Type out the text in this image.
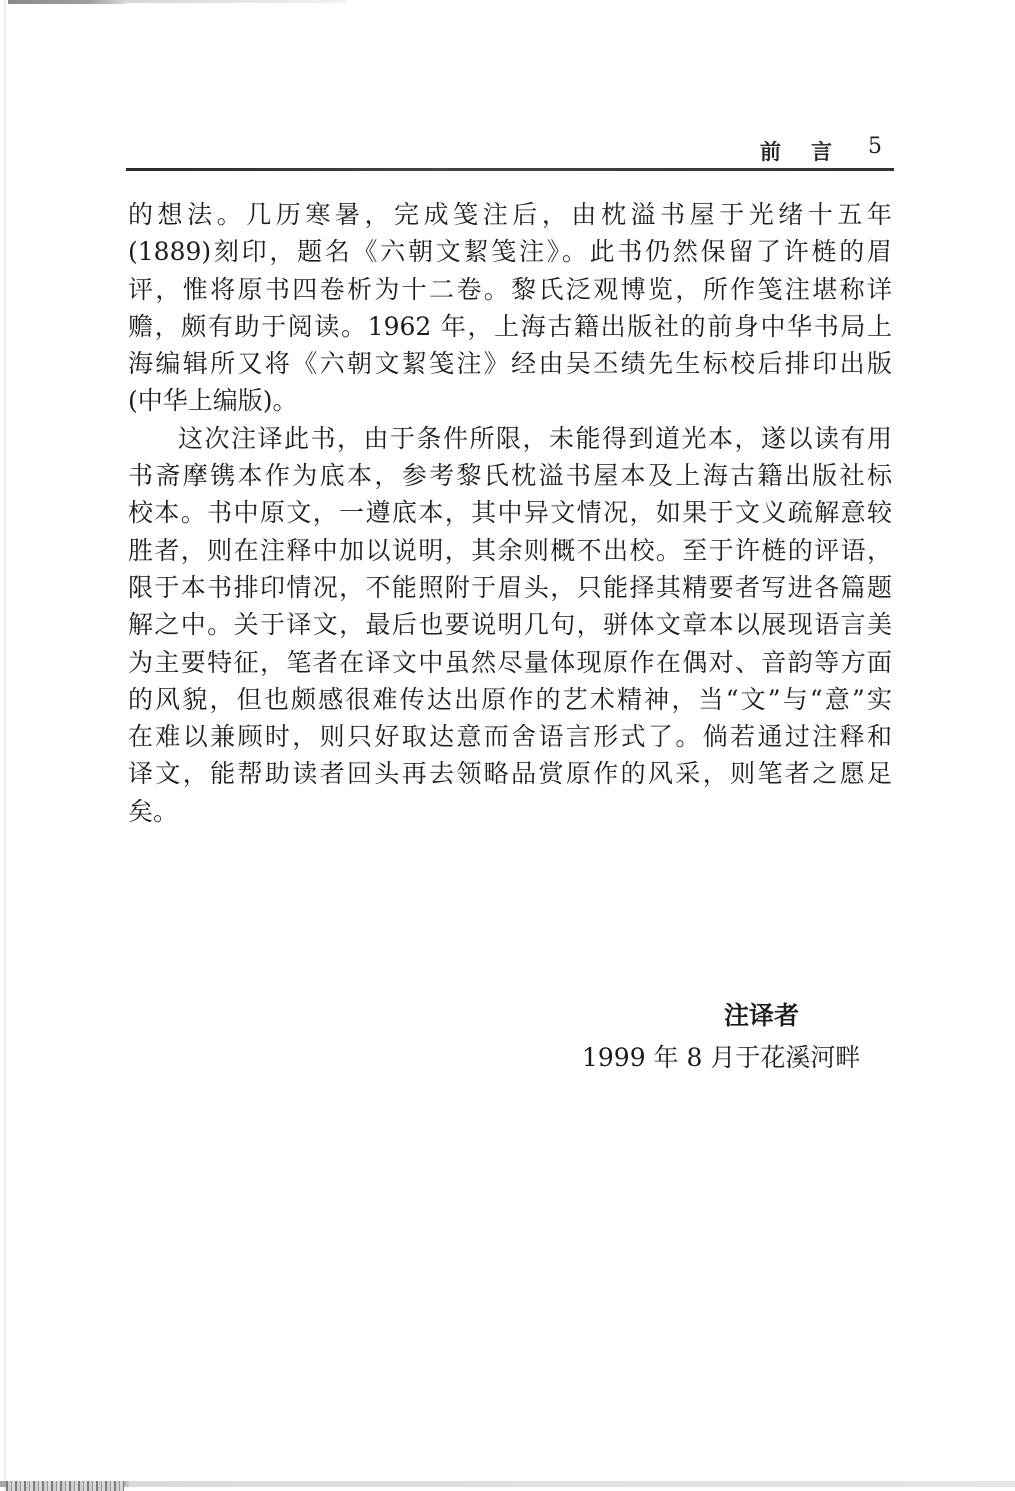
前言 5
的想法。几历寒暑，完成笺注后，由枕溢书屋于光绪十五年
(1889)刻印，题名《六朝文絜笺注》。此书仍然保留了许梿的眉
评，惟将原书四卷析为十二卷。黎氏泛观博览，所作笺注堪称详
赡，颇有助于阅读。1962 年，上海古籍出版社的前身中华书局上
海编辑所又将《六朝文絜笺注》经由吴丕绩先生标校后排印出版
(中华上编版)。
这次注译此书，由于条件所限，未能得到道光本，遂以读有用
书斋摩镌本作为底本，参考黎氏枕溢书屋本及上海古籍出版社标
校本。书中原文，一遵底本，其中异文情况，如果于文义疏解意较
胜者，则在注释中加以说明，其余则概不出校。至于许梿的评语，
限于本书排印情况，不能照附于眉头，只能择其精要者写进各篇题
解之中。关于译文，最后也要说明几句，骈体文章本以展现语言美
为主要特征，笔者在译文中虽然尽量体现原作在偶对、音韵等方面
的风貌，但也颇感很难传达出原作的艺术精神，当“文”与“意”实
在难以兼顾时，则只好取达意而舍语言形式了。倘若通过注释和
译文，能帮助读者回头再去领略品赏原作的风采，则笔者之愿足
矣。
注译者
1999 年 8 月于花溪河畔
